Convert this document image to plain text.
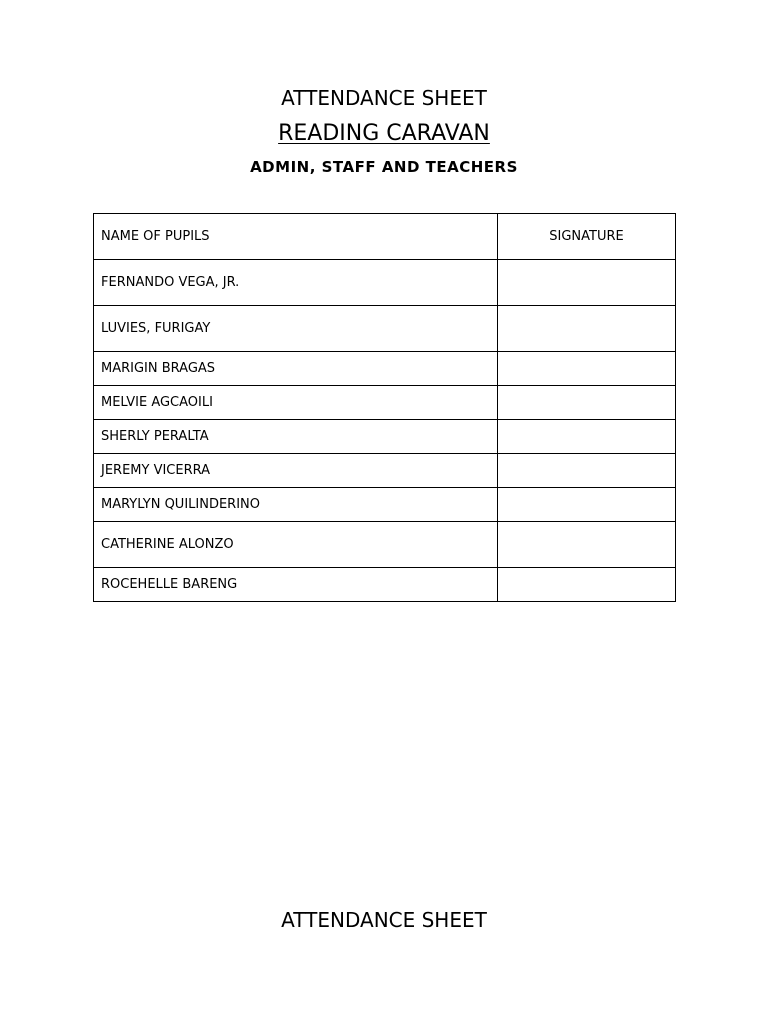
ATTENDANCE SHEET
READING CARAVAN
ADMIN, STAFF AND TEACHERS
NAME OF PUPILS	SIGNATURE
FERNANDO VEGA, JR.	
LUVIES, FURIGAY	
MARIGIN BRAGAS	
MELVIE AGCAOILI	
SHERLY PERALTA	
JEREMY VICERRA	
MARYLYN QUILINDERINO	
CATHERINE ALONZO	
ROCEHELLE BARENG	
ATTENDANCE SHEET
